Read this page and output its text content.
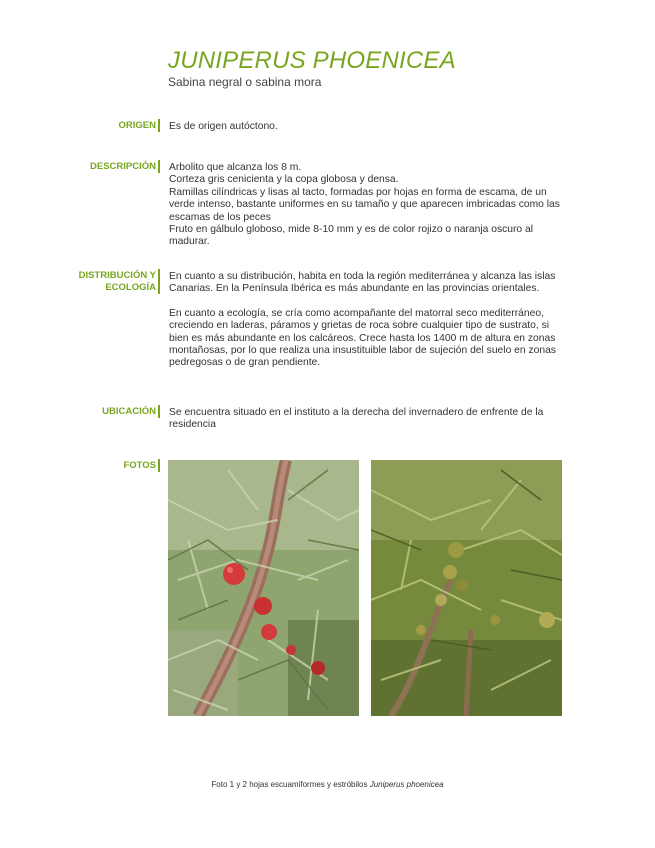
JUNIPERUS PHOENICEA
Sabina negral o sabina mora
ORIGEN Es de origen autóctono.
DESCRIPCIÓN Arbolito que alcanza los 8 m.

Corteza gris cenicienta y la copa globosa y densa.

Ramillas cilíndricas y lisas al tacto, formadas por hojas en forma de escama, de un verde intenso, bastante uniformes en su tamaño y que aparecen imbricadas como las escamas de los peces

Fruto en gálbulo globoso, mide 8-10 mm y es de color rojizo o naranja oscuro al madurar.

DISTRIBUCIÓN Y
ECOLOGÍA

En cuanto a su distribución, habita en toda la región mediterránea y alcanza las islas Canarias. En la Península Ibérica es más abundante en las provincias orientales.

En cuanto a ecología, se cría como acompañante del matorral seco mediterráneo, creciendo en laderas, páramos y grietas de roca sobre cualquier tipo de sustrato, si bien es más abundante en los calcáreos. Crece hasta los 1400 m de altura en zonas montañosas, por lo que realiza una insustituible labor de sujeción del suelo en zonas pedregosas o de gran pendiente.

UBICACIÓN Se encuentra situado en el instituto a la derecha del invernadero de enfrente de la residencia
FOTOS
Foto 1 y 2 hojas escuamiformes y estróbilos Juniperus phoenicea
